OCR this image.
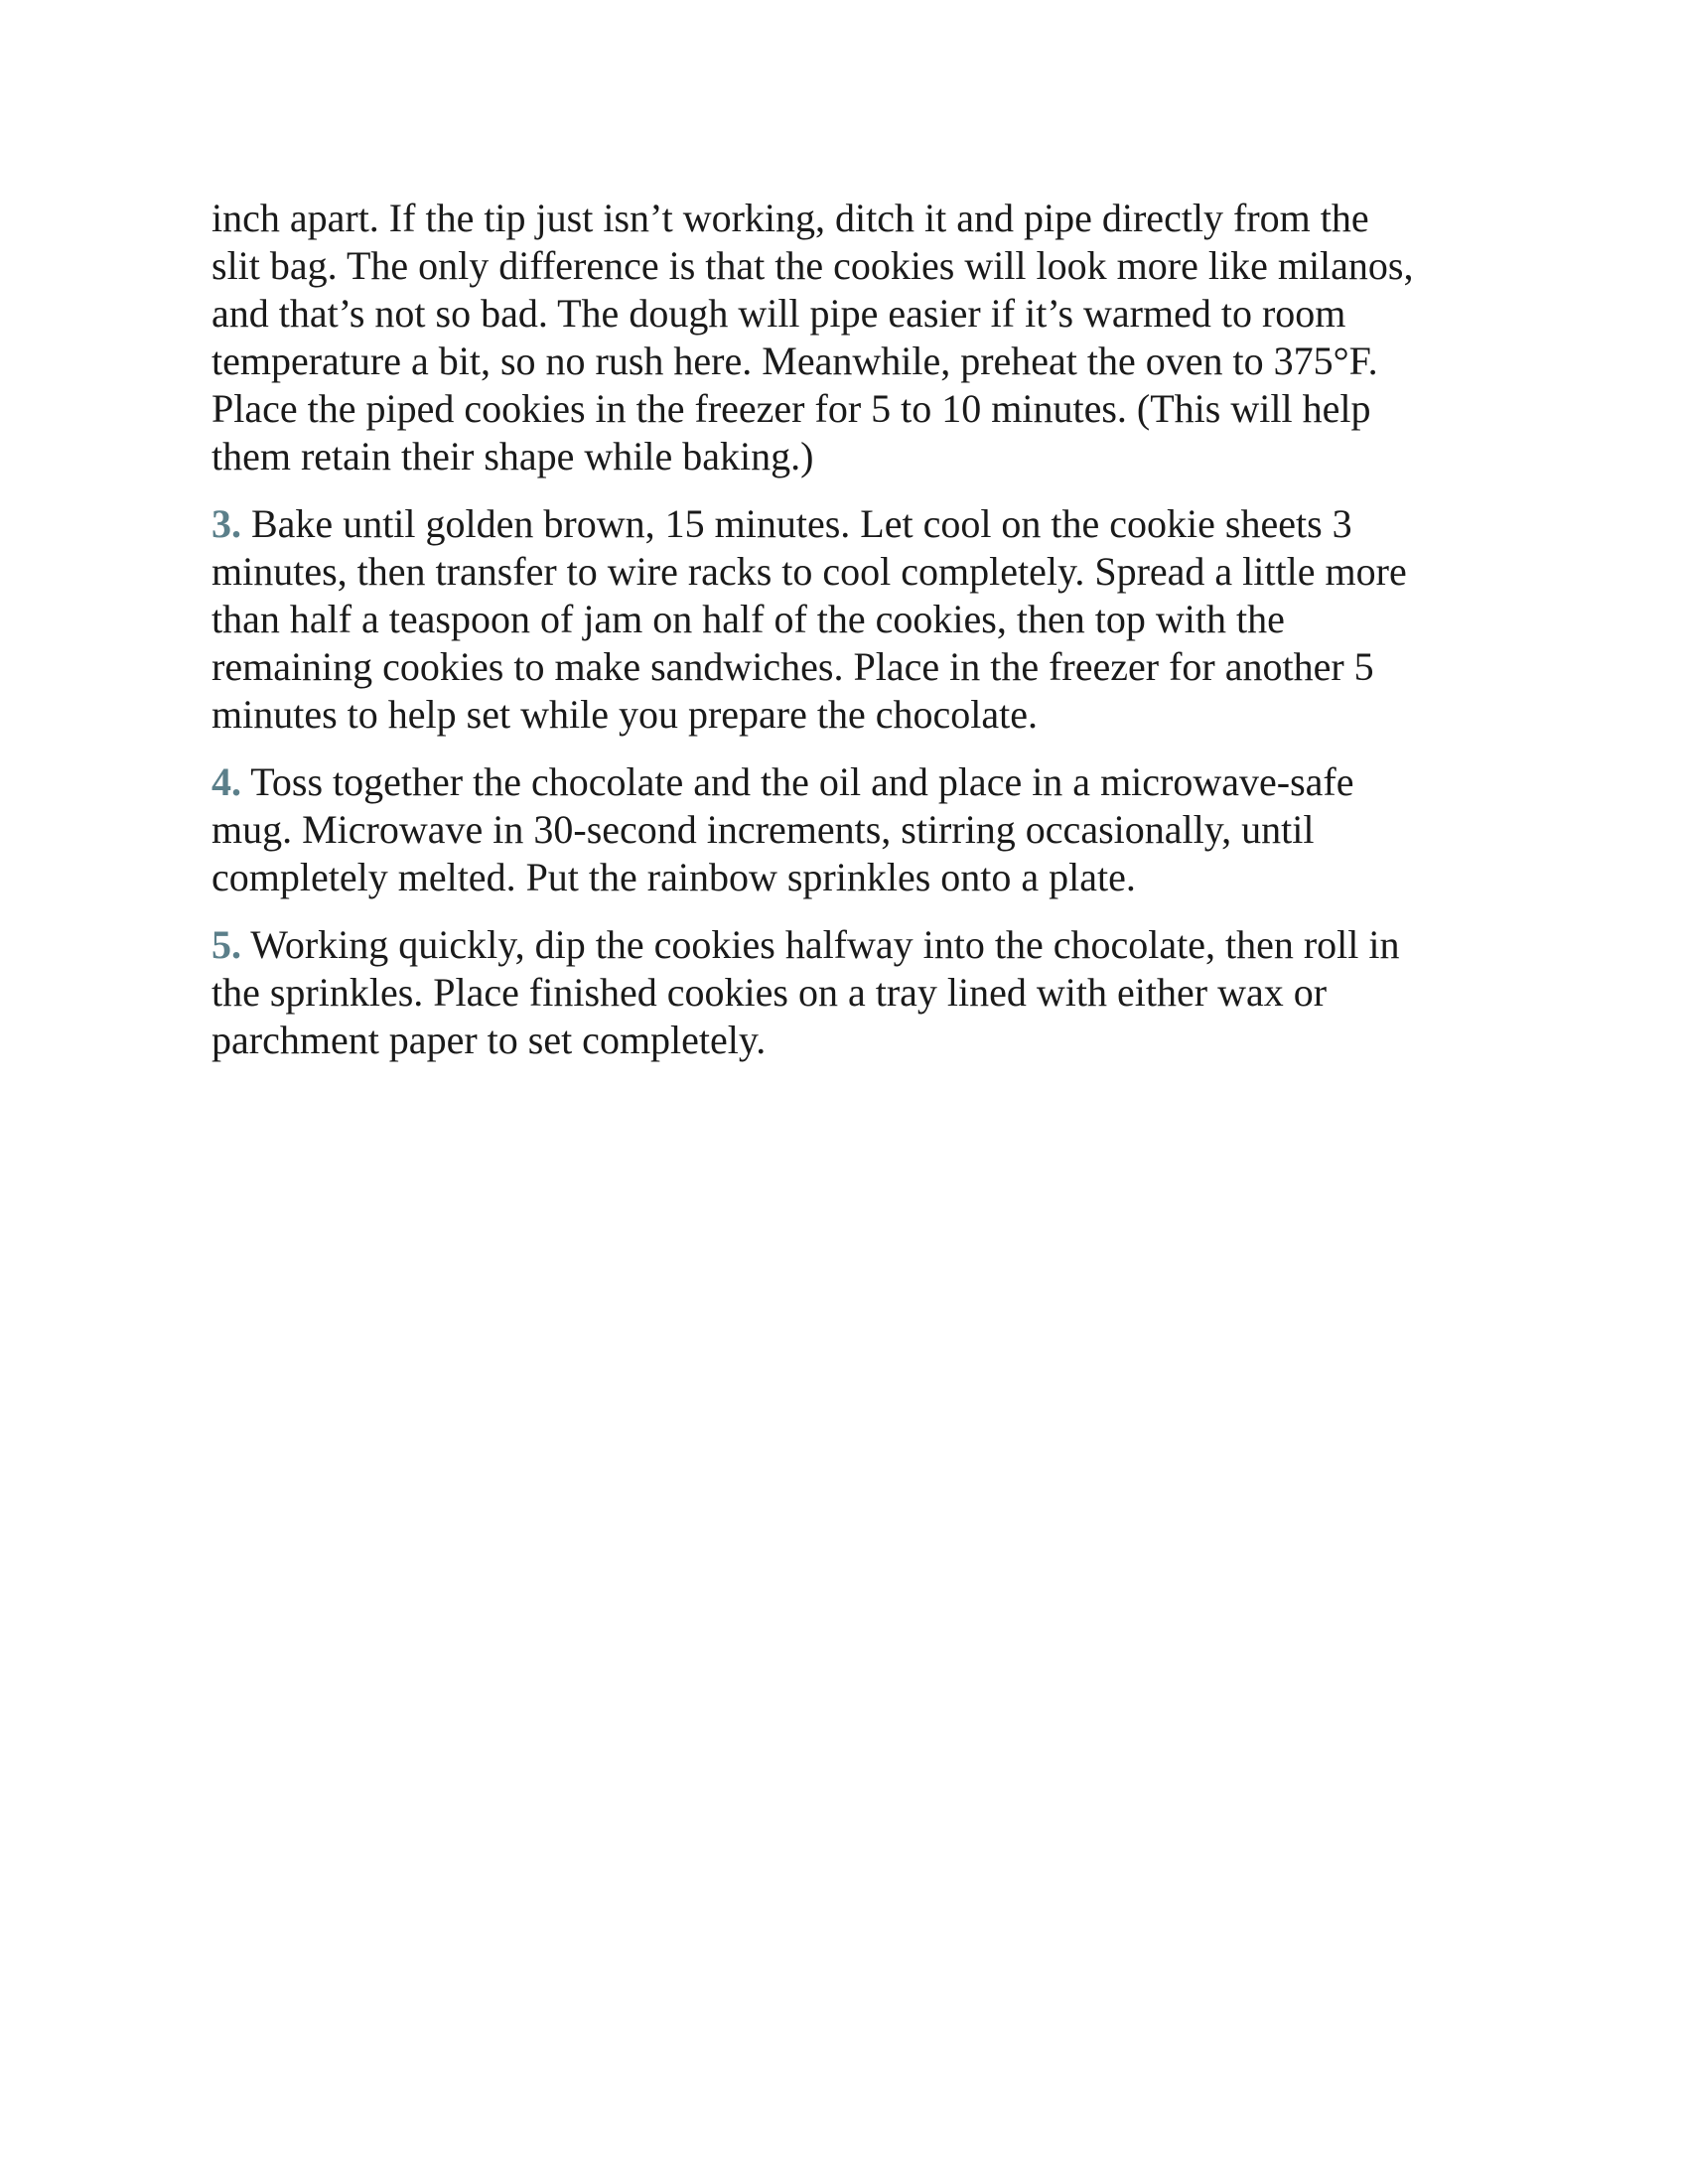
inch apart. If the tip just isn’t working, ditch it and pipe directly from the
slit bag. The only difference is that the cookies will look more like milanos,
and that’s not so bad. The dough will pipe easier if it’s warmed to room
temperature a bit, so no rush here. Meanwhile, preheat the oven to 375°F.
Place the piped cookies in the freezer for 5 to 10 minutes. (This will help
them retain their shape while baking.)

3. Bake until golden brown, 15 minutes. Let cool on the cookie sheets 3
minutes, then transfer to wire racks to cool completely. Spread a little more
than half a teaspoon of jam on half of the cookies, then top with the
remaining cookies to make sandwiches. Place in the freezer for another 5
minutes to help set while you prepare the chocolate.

4. Toss together the chocolate and the oil and place in a microwave-safe
mug. Microwave in 30-second increments, stirring occasionally, until
completely melted. Put the rainbow sprinkles onto a plate.

5. Working quickly, dip the cookies halfway into the chocolate, then roll in
the sprinkles. Place finished cookies on a tray lined with either wax or
parchment paper to set completely.
